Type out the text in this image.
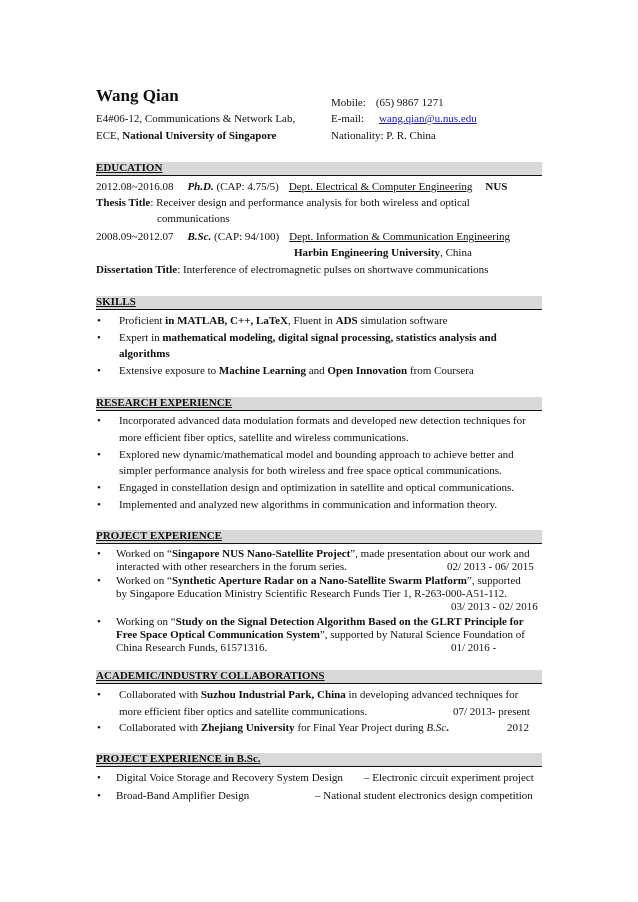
Wang Qian
E4#06-12, Communications & Network Lab,
ECE, National University of Singapore
Mobile: (65) 9867 1271
E-mail: wang.qian@u.nus.edu
Nationality: P. R. China
EDUCATION
2012.08~2016.08 Ph.D. (CAP: 4.75/5) Dept. Electrical & Computer Engineering NUS
Thesis Title: Receiver design and performance analysis for both wireless and optical
communications
2008.09~2012.07 B.Sc. (CAP: 94/100) Dept. Information & Communication Engineering
Harbin Engineering University, China
Dissertation Title: Interference of electromagnetic pulses on shortwave communications
SKILLS
• Proficient in MATLAB, C++, LaTeX, Fluent in ADS simulation software
• Expert in mathematical modeling, digital signal processing, statistics analysis and
algorithms
• Extensive exposure to Machine Learning and Open Innovation from Coursera
RESEARCH EXPERIENCE
• Incorporated advanced data modulation formats and developed new detection techniques for
more efficient fiber optics, satellite and wireless communications.
• Explored new dynamic/mathematical model and bounding approach to achieve better and
simpler performance analysis for both wireless and free space optical communications.
• Engaged in constellation design and optimization in satellite and optical communications.
• Implemented and analyzed new algorithms in communication and information theory.
PROJECT EXPERIENCE
• Worked on “Singapore NUS Nano-Satellite Project”, made presentation about our work and
interacted with other researchers in the forum series.	02/ 2013 - 06/ 2015
• Worked on “Synthetic Aperture Radar on a Nano-Satellite Swarm Platform”, supported
by Singapore Education Ministry Scientific Research Funds Tier 1, R-263-000-A51-112.
03/ 2013 - 02/ 2016
• Working on “Study on the Signal Detection Algorithm Based on the GLRT Principle for
Free Space Optical Communication System”, supported by Natural Science Foundation of
China Research Funds, 61571316.	01/ 2016 -
ACADEMIC/INDUSTRY COLLABORATIONS
• Collaborated with Suzhou Industrial Park, China in developing advanced techniques for
more efficient fiber optics and satellite communications.	07/ 2013- present
• Collaborated with Zhejiang University for Final Year Project during B.Sc.	2012
PROJECT EXPERIENCE in B.Sc.
• Digital Voice Storage and Recovery System Design – Electronic circuit experiment project
• Broad-Band Amplifier Design	– National student electronics design competition
